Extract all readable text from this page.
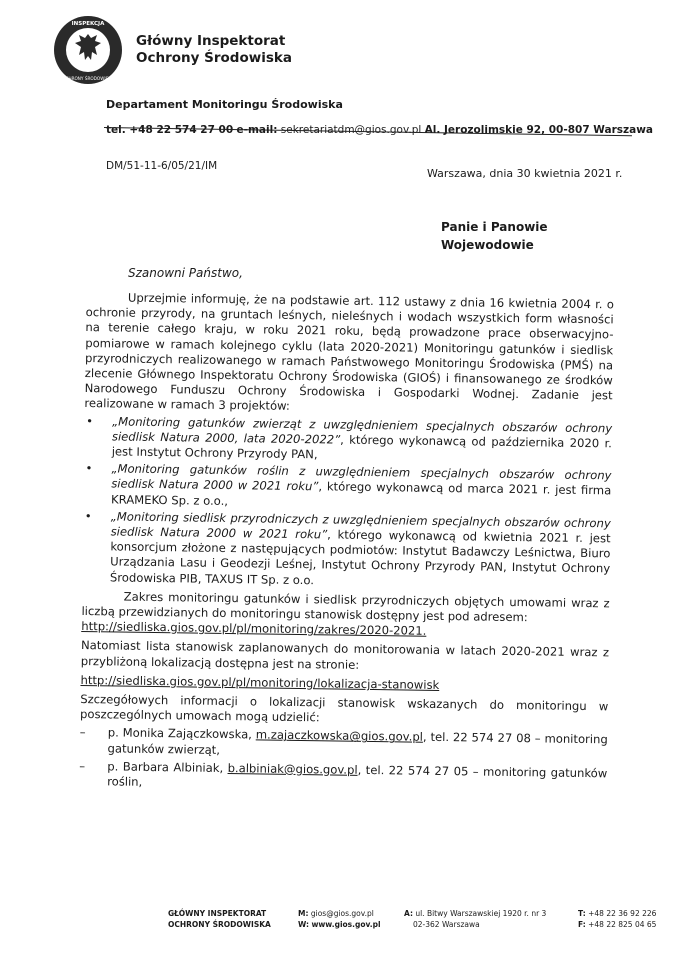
INSPEKCJA
OCHRONY ŚRODOWISKA
Główny Inspektorat
Ochrony Środowiska
Departament Monitoringu Środowiska
tel. +48 22 574 27 00 e-mail: sekretariatdm@gios.gov.pl Al. Jerozolimskie 92, 00-807 Warszawa
DM/51-11-6/05/21/IM
Warszawa, dnia 30 kwietnia 2021 r.
Panie i Panowie
Wojewodowie
Szanowni Państwo,

Uprzejmie informuję, że na podstawie art. 112 ustawy z dnia 16 kwietnia 2004 r. o ochronie przyrody, na gruntach leśnych, nieleśnych i wodach wszystkich form własności na terenie całego kraju, w roku 2021 roku, będą prowadzone prace obserwacyjno-pomiarowe w ramach kolejnego cyklu (lata 2020-2021) Monitoringu gatunków i siedlisk przyrodniczych realizowanego w ramach Państwowego Monitoringu Środowiska (PMŚ) na zlecenie Głównego Inspektoratu Ochrony Środowiska (GIOŚ) i finansowanego ze środków Narodowego Funduszu Ochrony Środowiska i Gospodarki Wodnej. Zadanie jest realizowane w ramach 3 projektów:

• „Monitoring gatunków zwierząt z uwzględnieniem specjalnych obszarów ochrony siedlisk Natura 2000, lata 2020-2022”, którego wykonawcą od października 2020 r. jest Instytut Ochrony Przyrody PAN,

• „Monitoring gatunków roślin z uwzględnieniem specjalnych obszarów ochrony siedlisk Natura 2000 w 2021 roku”, którego wykonawcą od marca 2021 r. jest firma KRAMEKO Sp. z o.o.,

• „Monitoring siedlisk przyrodniczych z uwzględnieniem specjalnych obszarów ochrony siedlisk Natura 2000 w 2021 roku”, którego wykonawcą od kwietnia 2021 r. jest konsorcjum złożone z następujących podmiotów: Instytut Badawczy Leśnictwa, Biuro Urządzania Lasu i Geodezji Leśnej, Instytut Ochrony Przyrody PAN, Instytut Ochrony Środowiska PIB, TAXUS IT Sp. z o.o.

Zakres monitoringu gatunków i siedlisk przyrodniczych objętych umowami wraz z liczbą przewidzianych do monitoringu stanowisk dostępny jest pod adresem:

http://siedliska.gios.gov.pl/pl/monitoring/zakres/2020-2021.

Natomiast lista stanowisk zaplanowanych do monitorowania w latach 2020-2021 wraz z przybliżoną lokalizacją dostępna jest na stronie:

http://siedliska.gios.gov.pl/pl/monitoring/lokalizacja-stanowisk

Szczegółowych informacji o lokalizacji stanowisk wskazanych do monitoringu w poszczególnych umowach mogą udzielić:

– p. Monika Zajączkowska, m.zajaczkowska@gios.gov.pl, tel. 22 574 27 08 – monitoring gatunków zwierząt,

– p. Barbara Albiniak, b.albiniak@gios.gov.pl, tel. 22 574 27 05 – monitoring gatunków roślin,

GŁÓWNY INSPEKTORAT
OCHRONY ŚRODOWISKA
M: gios@gios.gov.pl
W: www.gios.gov.pl
A: ul. Bitwy Warszawskiej 1920 r. nr 3
02-362 Warszawa
T: +48 22 36 92 226
F: +48 22 825 04 65
